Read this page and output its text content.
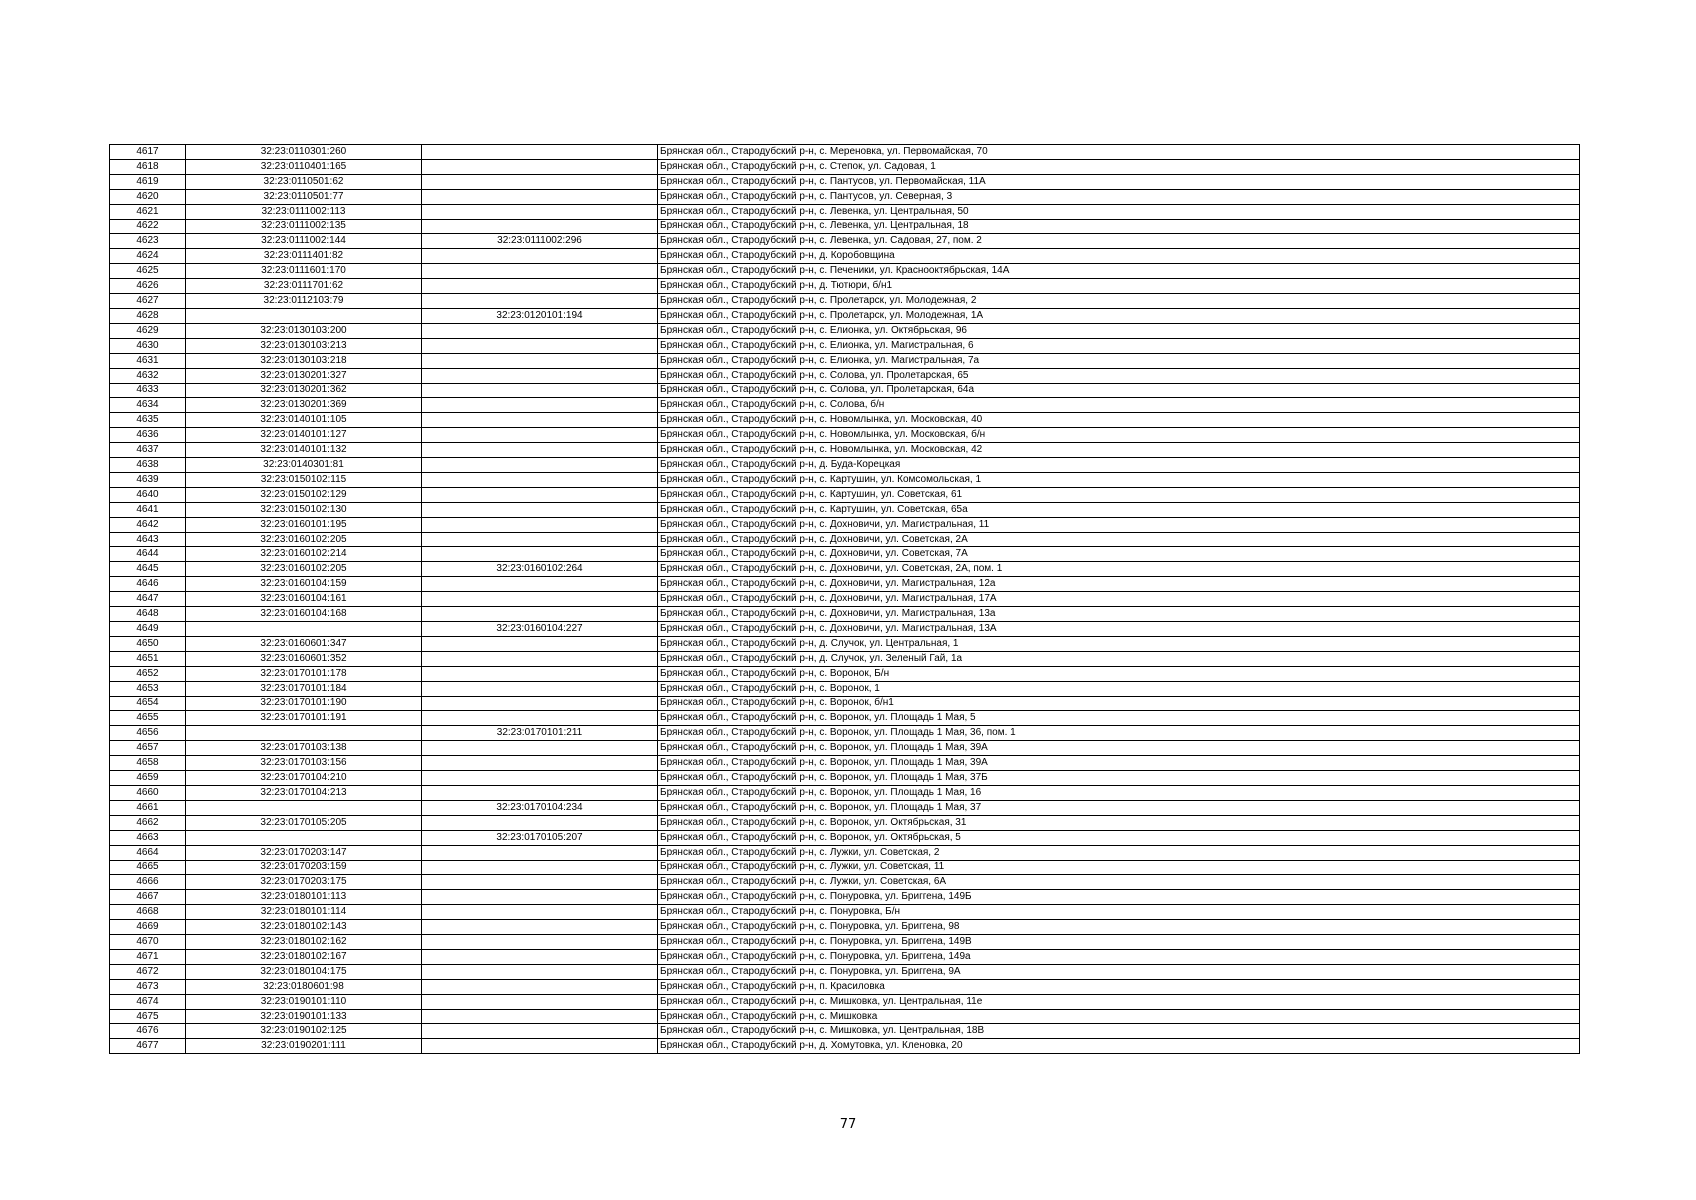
4617	32:23:0110301:260		Брянская обл., Стародубский р-н, с. Мереновка, ул. Первомайская, 70
4618	32:23:0110401:165		Брянская обл., Стародубский р-н, с. Степок, ул. Садовая, 1
4619	32:23:0110501:62		Брянская обл., Стародубский р-н, с. Пантусов, ул. Первомайская, 11А
4620	32:23:0110501:77		Брянская обл., Стародубский р-н, с. Пантусов, ул. Северная, 3
4621	32:23:0111002:113		Брянская обл., Стародубский р-н, с. Левенка, ул. Центральная, 50
4622	32:23:0111002:135		Брянская обл., Стародубский р-н, с. Левенка, ул. Центральная, 18
4623	32:23:0111002:144	32:23:0111002:296	Брянская обл., Стародубский р-н, с. Левенка, ул. Садовая, 27, пом. 2
4624	32:23:0111401:82		Брянская обл., Стародубский р-н, д. Коробовщина
4625	32:23:0111601:170		Брянская обл., Стародубский р-н, с. Печеники, ул. Краснооктябрьская, 14А
4626	32:23:0111701:62		Брянская обл., Стародубский р-н, д. Тютюри, б/н1
4627	32:23:0112103:79		Брянская обл., Стародубский р-н, с. Пролетарск, ул. Молодежная, 2
4628		32:23:0120101:194	Брянская обл., Стародубский р-н, с. Пролетарск, ул. Молодежная, 1А
4629	32:23:0130103:200		Брянская обл., Стародубский р-н, с. Елионка, ул. Октябрьская, 96
4630	32:23:0130103:213		Брянская обл., Стародубский р-н, с. Елионка, ул. Магистральная, 6
4631	32:23:0130103:218		Брянская обл., Стародубский р-н, с. Елионка, ул. Магистральная, 7а
4632	32:23:0130201:327		Брянская обл., Стародубский р-н, с. Солова, ул. Пролетарская, 65
4633	32:23:0130201:362		Брянская обл., Стародубский р-н, с. Солова, ул. Пролетарская, 64а
4634	32:23:0130201:369		Брянская обл., Стародубский р-н, с. Солова, б/н
4635	32:23:0140101:105		Брянская обл., Стародубский р-н, с. Новомлынка, ул. Московская, 40
4636	32:23:0140101:127		Брянская обл., Стародубский р-н, с. Новомлынка, ул. Московская, б/н
4637	32:23:0140101:132		Брянская обл., Стародубский р-н, с. Новомлынка, ул. Московская, 42
4638	32:23:0140301:81		Брянская обл., Стародубский р-н, д. Буда-Корецкая
4639	32:23:0150102:115		Брянская обл., Стародубский р-н, с. Картушин, ул. Комсомольская, 1
4640	32:23:0150102:129		Брянская обл., Стародубский р-н, с. Картушин, ул. Советская, 61
4641	32:23:0150102:130		Брянская обл., Стародубский р-н, с. Картушин, ул. Советская, 65а
4642	32:23:0160101:195		Брянская обл., Стародубский р-н, с. Дохновичи, ул. Магистральная, 11
4643	32:23:0160102:205		Брянская обл., Стародубский р-н, с. Дохновичи, ул. Советская, 2А
4644	32:23:0160102:214		Брянская обл., Стародубский р-н, с. Дохновичи, ул. Советская, 7А
4645	32:23:0160102:205	32:23:0160102:264	Брянская обл., Стародубский р-н, с. Дохновичи, ул. Советская, 2А, пом. 1
4646	32:23:0160104:159		Брянская обл., Стародубский р-н, с. Дохновичи, ул. Магистральная, 12а
4647	32:23:0160104:161		Брянская обл., Стародубский р-н, с. Дохновичи, ул. Магистральная, 17А
4648	32:23:0160104:168		Брянская обл., Стародубский р-н, с. Дохновичи, ул. Магистральная, 13а
4649		32:23:0160104:227	Брянская обл., Стародубский р-н, с. Дохновичи, ул. Магистральная, 13А
4650	32:23:0160601:347		Брянская обл., Стародубский р-н, д. Случок, ул. Центральная, 1
4651	32:23:0160601:352		Брянская обл., Стародубский р-н, д. Случок, ул. Зеленый Гай, 1а
4652	32:23:0170101:178		Брянская обл., Стародубский р-н, с. Воронок, Б/н
4653	32:23:0170101:184		Брянская обл., Стародубский р-н, с. Воронок, 1
4654	32:23:0170101:190		Брянская обл., Стародубский р-н, с. Воронок, б/н1
4655	32:23:0170101:191		Брянская обл., Стародубский р-н, с. Воронок, ул. Площадь 1 Мая, 5
4656		32:23:0170101:211	Брянская обл., Стародубский р-н, с. Воронок, ул. Площадь 1 Мая, 36, пом. 1
4657	32:23:0170103:138		Брянская обл., Стародубский р-н, с. Воронок, ул. Площадь 1 Мая, 39А
4658	32:23:0170103:156		Брянская обл., Стародубский р-н, с. Воронок, ул. Площадь 1 Мая, 39А
4659	32:23:0170104:210		Брянская обл., Стародубский р-н, с. Воронок, ул. Площадь 1 Мая, 37Б
4660	32:23:0170104:213		Брянская обл., Стародубский р-н, с. Воронок, ул. Площадь 1 Мая, 16
4661		32:23:0170104:234	Брянская обл., Стародубский р-н, с. Воронок, ул. Площадь 1 Мая, 37
4662	32:23:0170105:205		Брянская обл., Стародубский р-н, с. Воронок, ул. Октябрьская, 31
4663		32:23:0170105:207	Брянская обл., Стародубский р-н, с. Воронок, ул. Октябрьская, 5
4664	32:23:0170203:147		Брянская обл., Стародубский р-н, с. Лужки, ул. Советская, 2
4665	32:23:0170203:159		Брянская обл., Стародубский р-н, с. Лужки, ул. Советская, 11
4666	32:23:0170203:175		Брянская обл., Стародубский р-н, с. Лужки, ул. Советская, 6А
4667	32:23:0180101:113		Брянская обл., Стародубский р-н, с. Понуровка, ул. Бриггена, 149Б
4668	32:23:0180101:114		Брянская обл., Стародубский р-н, с. Понуровка, Б/н
4669	32:23:0180102:143		Брянская обл., Стародубский р-н, с. Понуровка, ул. Бриггена, 98
4670	32:23:0180102:162		Брянская обл., Стародубский р-н, с. Понуровка, ул. Бриггена, 149В
4671	32:23:0180102:167		Брянская обл., Стародубский р-н, с. Понуровка, ул. Бриггена, 149а
4672	32:23:0180104:175		Брянская обл., Стародубский р-н, с. Понуровка, ул. Бриггена, 9А
4673	32:23:0180601:98		Брянская обл., Стародубский р-н, п. Красиловка
4674	32:23:0190101:110		Брянская обл., Стародубский р-н, с. Мишковка, ул. Центральная, 11е
4675	32:23:0190101:133		Брянская обл., Стародубский р-н, с. Мишковка
4676	32:23:0190102:125		Брянская обл., Стародубский р-н, с. Мишковка, ул. Центральная, 18В
4677	32:23:0190201:111		Брянская обл., Стародубский р-н, д. Хомутовка, ул. Кленовка, 20
77
